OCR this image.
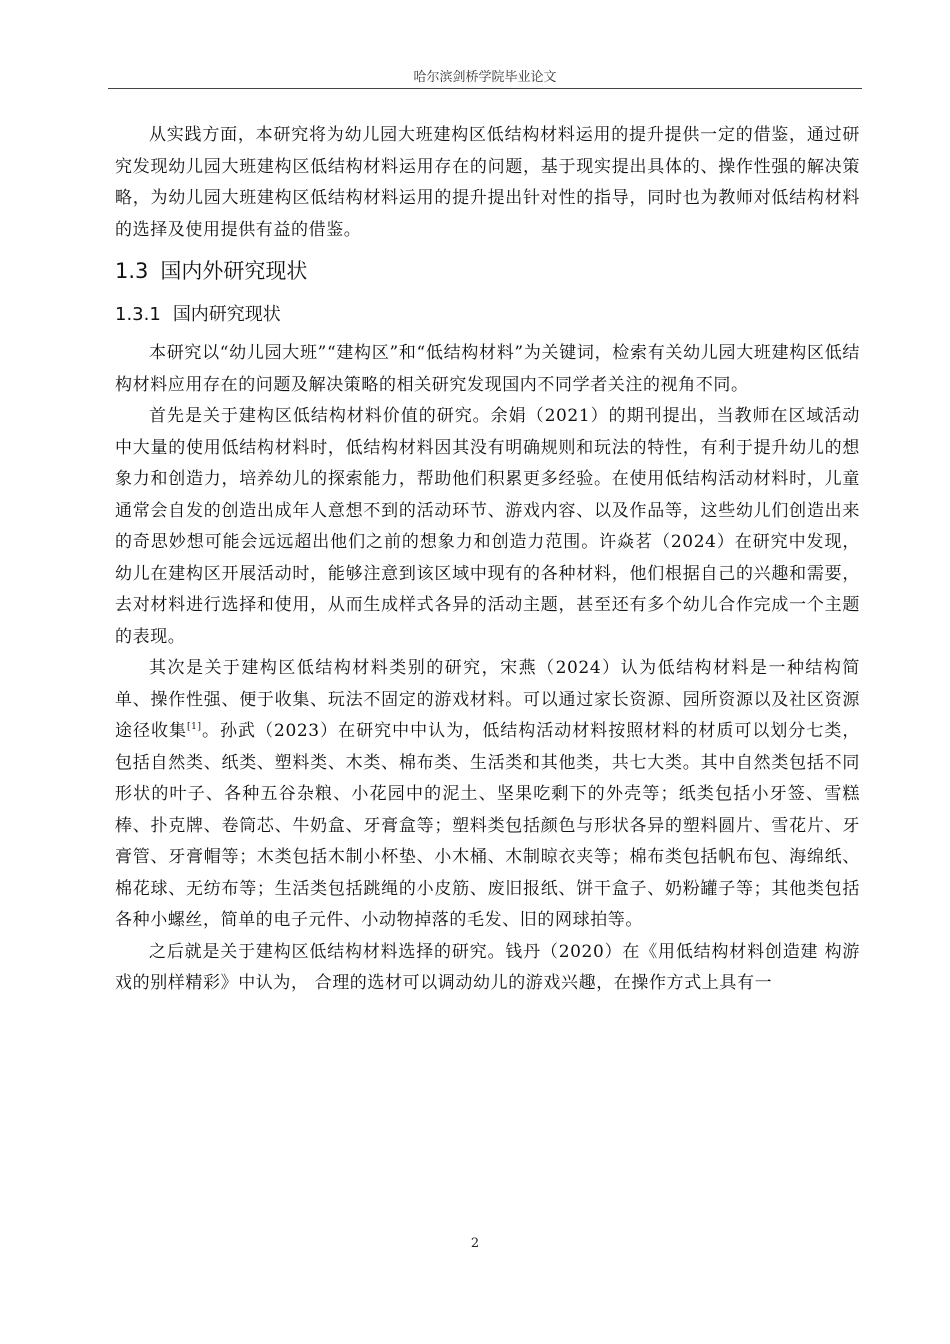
哈尔滨剑桥学院毕业论文

从实践方面，本研究将为幼儿园大班建构区低结构材料运用的提升提供一定的借鉴，通过研究发现幼儿园大班建构区低结构材料运用存在的问题，基于现实提出具体的、操作性强的解决策略，为幼儿园大班建构区低结构材料运用的提升提出针对性的指导，同时也为教师对低结构材料的选择及使用提供有益的借鉴。

1.3 国内外研究现状
1.3.1 国内研究现状

本研究以“幼儿园大班”“建构区”和“低结构材料”为关键词，检索有关幼儿园大班建构区低结构材料应用存在的问题及解决策略的相关研究发现国内不同学者关注的视角不同。

首先是关于建构区低结构材料价值的研究。余娟（2021）的期刊提出，当教师在区域活动中大量的使用低结构材料时，低结构材料因其没有明确规则和玩法的特性，有利于提升幼儿的想象力和创造力，培养幼儿的探索能力，帮助他们积累更多经验。在使用低结构活动材料时，儿童通常会自发的创造出成年人意想不到的活动环节、游戏内容、以及作品等，这些幼儿们创造出来的奇思妙想可能会远远超出他们之前的想象力和创造力范围。许焱茗（2024）在研究中发现，幼儿在建构区开展活动时，能够注意到该区域中现有的各种材料，他们根据自己的兴趣和需要，去对材料进行选择和使用，从而生成样式各异的活动主题，甚至还有多个幼儿合作完成一个主题的表现。

其次是关于建构区低结构材料类别的研究，宋燕（2024）认为低结构材料是一种结构简单、操作性强、便于收集、玩法不固定的游戏材料。可以通过家长资源、园所资源以及社区资源途径收集[1]。孙武（2023）在研究中中认为，低结构活动材料按照材料的材质可以划分七类，包括自然类、纸类、塑料类、木类、棉布类、生活类和其他类，共七大类。其中自然类包括不同形状的叶子、各种五谷杂粮、小花园中的泥土、坚果吃剩下的外壳等；纸类包括小牙签、雪糕棒、扑克牌、卷筒芯、牛奶盒、牙膏盒等；塑料类包括颜色与形状各异的塑料圆片、雪花片、牙膏管、牙膏帽等；木类包括木制小杯垫、小木桶、木制晾衣夹等；棉布类包括帆布包、海绵纸、棉花球、无纺布等；生活类包括跳绳的小皮筋、废旧报纸、饼干盒子、奶粉罐子等；其他类包括各种小螺丝，简单的电子元件、小动物掉落的毛发、旧的网球拍等。

之后就是关于建构区低结构材料选择的研究。钱丹（2020）在《用低结构材料创造建 构游戏的别样精彩》中认为， 合理的选材可以调动幼儿的游戏兴趣，在操作方式上具有一

2
